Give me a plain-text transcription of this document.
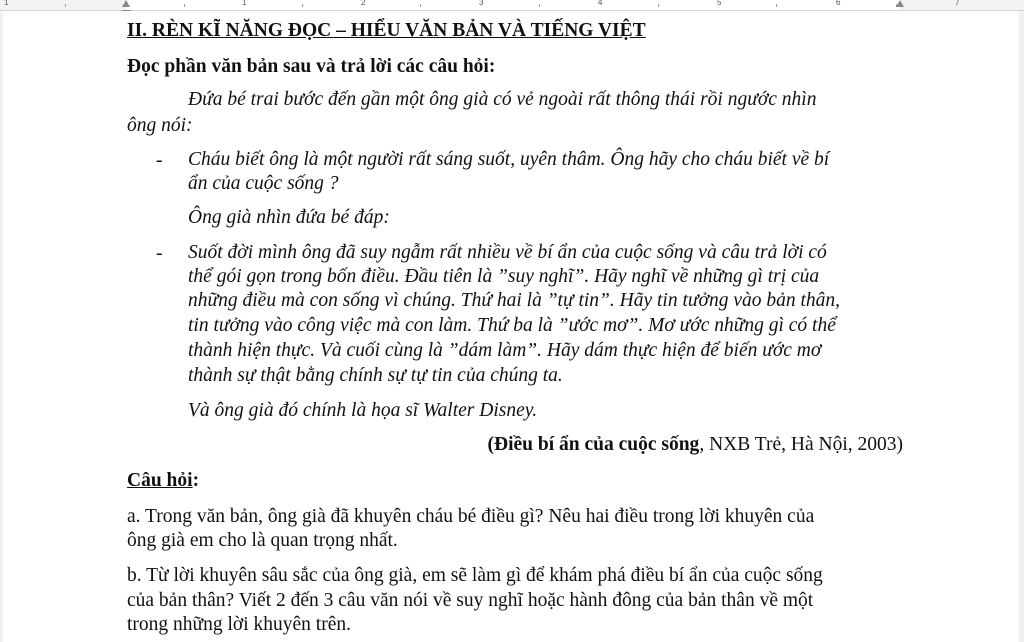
1	1	2	3	4	5	6	7
II. RÈN KĨ NĂNG ĐỌC – HIỂU VĂN BẢN VÀ TIẾNG VIỆT
Đọc phần văn bản sau và trả lời các câu hỏi:
Đứa bé trai bước đến gần một ông già có vẻ ngoài rất thông thái rồi ngước nhìn
ông nói:
- Cháu biết ông là một người rất sáng suốt, uyên thâm. Ông hãy cho cháu biết về bí
ẩn của cuộc sống ?
Ông già nhìn đứa bé đáp:
- Suốt đời mình ông đã suy ngẫm rất nhiều về bí ẩn của cuộc sống và câu trả lời có
thể gói gọn trong bốn điều. Đầu tiên là ”suy nghĩ”. Hãy nghĩ về những gì trị của
những điều mà con sống vì chúng. Thứ hai là ”tự tin”. Hãy tin tưởng vào bản thân,
tin tưởng vào công việc mà con làm. Thứ ba là ”ước mơ”. Mơ ước những gì có thể
thành hiện thực. Và cuối cùng là ”dám làm”. Hãy dám thực hiện để biến ước mơ
thành sự thật bằng chính sự tự tin của chúng ta.
Và ông già đó chính là họa sĩ Walter Disney.
(Điều bí ẩn của cuộc sống, NXB Trẻ, Hà Nội, 2003)
Câu hỏi:
a. Trong văn bản, ông già đã khuyên cháu bé điều gì? Nêu hai điều trong lời khuyên của
ông già em cho là quan trọng nhất.
b. Từ lời khuyên sâu sắc của ông già, em sẽ làm gì để khám phá điều bí ẩn của cuộc sống
của bản thân? Viết 2 đến 3 câu văn nói về suy nghĩ hoặc hành đông của bản thân về một
trong những lời khuyên trên.
